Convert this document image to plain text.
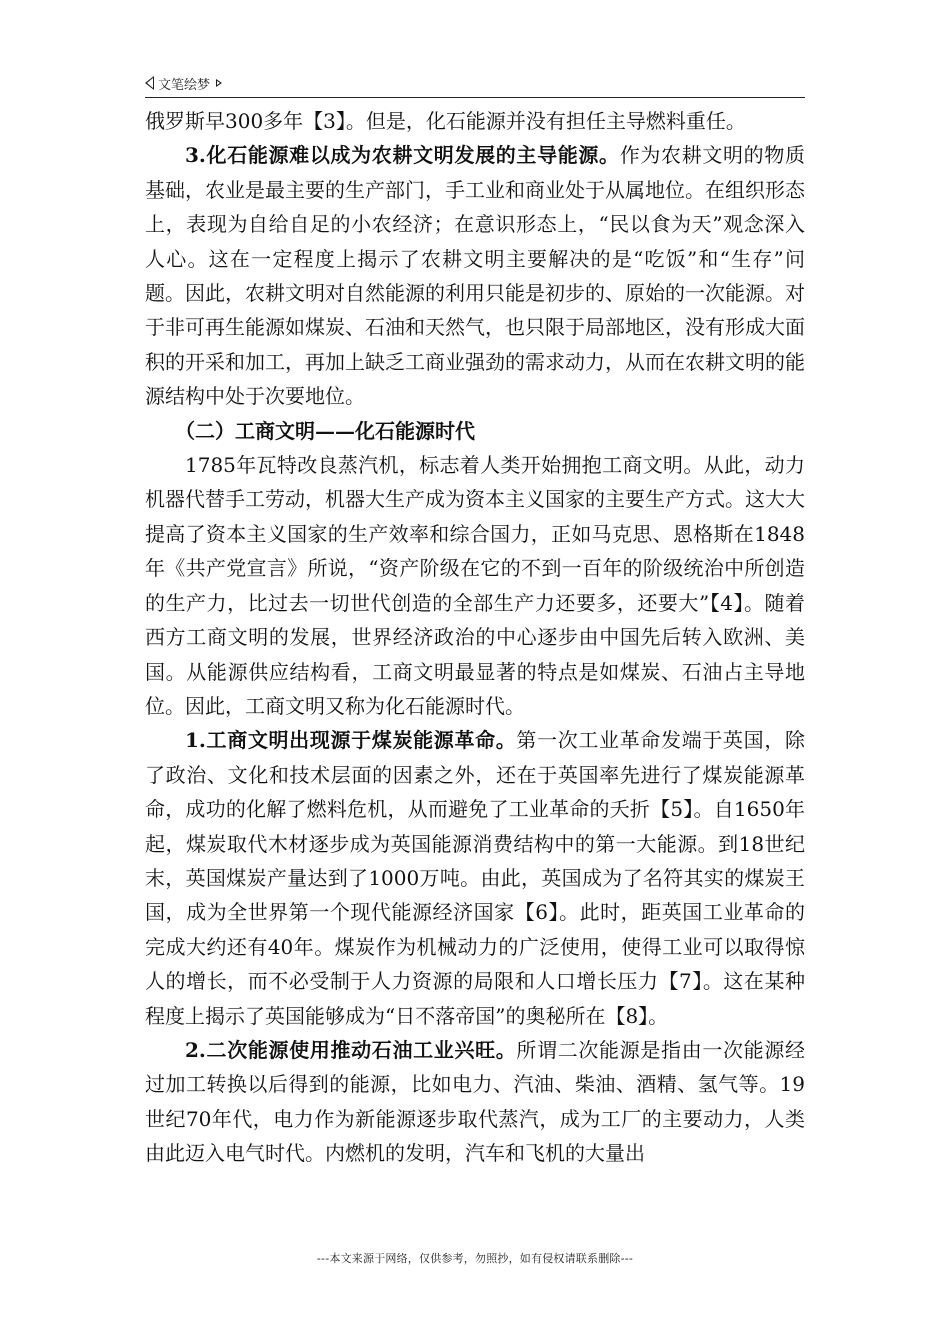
文笔绘梦

俄罗斯早300多年【3】。但是，化石能源并没有担任主导燃料重任。

3.化石能源难以成为农耕文明发展的主导能源。作为农耕文明的物质基础，农业是最主要的生产部门，手工业和商业处于从属地位。在组织形态上，表现为自给自足的小农经济；在意识形态上，“民以食为天”观念深入人心。这在一定程度上揭示了农耕文明主要解决的是“吃饭”和“生存”问题。因此，农耕文明对自然能源的利用只能是初步的、原始的一次能源。对于非可再生能源如煤炭、石油和天然气，也只限于局部地区，没有形成大面积的开采和加工，再加上缺乏工商业强劲的需求动力，从而在农耕文明的能源结构中处于次要地位。

（二）工商文明——化石能源时代

1785年瓦特改良蒸汽机，标志着人类开始拥抱工商文明。从此，动力机器代替手工劳动，机器大生产成为资本主义国家的主要生产方式。这大大提高了资本主义国家的生产效率和综合国力，正如马克思、恩格斯在1848年《共产党宣言》所说，“资产阶级在它的不到一百年的阶级统治中所创造的生产力，比过去一切世代创造的全部生产力还要多，还要大”【4】。随着西方工商文明的发展，世界经济政治的中心逐步由中国先后转入欧洲、美国。从能源供应结构看，工商文明最显著的特点是如煤炭、石油占主导地位。因此，工商文明又称为化石能源时代。

1.工商文明出现源于煤炭能源革命。第一次工业革命发端于英国，除了政治、文化和技术层面的因素之外，还在于英国率先进行了煤炭能源革命，成功的化解了燃料危机，从而避免了工业革命的夭折【5】。自1650年起，煤炭取代木材逐步成为英国能源消费结构中的第一大能源。到18世纪末，英国煤炭产量达到了1000万吨。由此，英国成为了名符其实的煤炭王国，成为全世界第一个现代能源经济国家【6】。此时，距英国工业革命的完成大约还有40年。煤炭作为机械动力的广泛使用，使得工业可以取得惊人的增长，而不必受制于人力资源的局限和人口增长压力【7】。这在某种程度上揭示了英国能够成为“日不落帝国”的奥秘所在【8】。

2.二次能源使用推动石油工业兴旺。所谓二次能源是指由一次能源经过加工转换以后得到的能源，比如电力、汽油、柴油、酒精、氢气等。19世纪70年代，电力作为新能源逐步取代蒸汽，成为工厂的主要动力，人类由此迈入电气时代。内燃机的发明，汽车和飞机的大量出

---本文来源于网络，仅供参考，勿照抄，如有侵权请联系删除---
